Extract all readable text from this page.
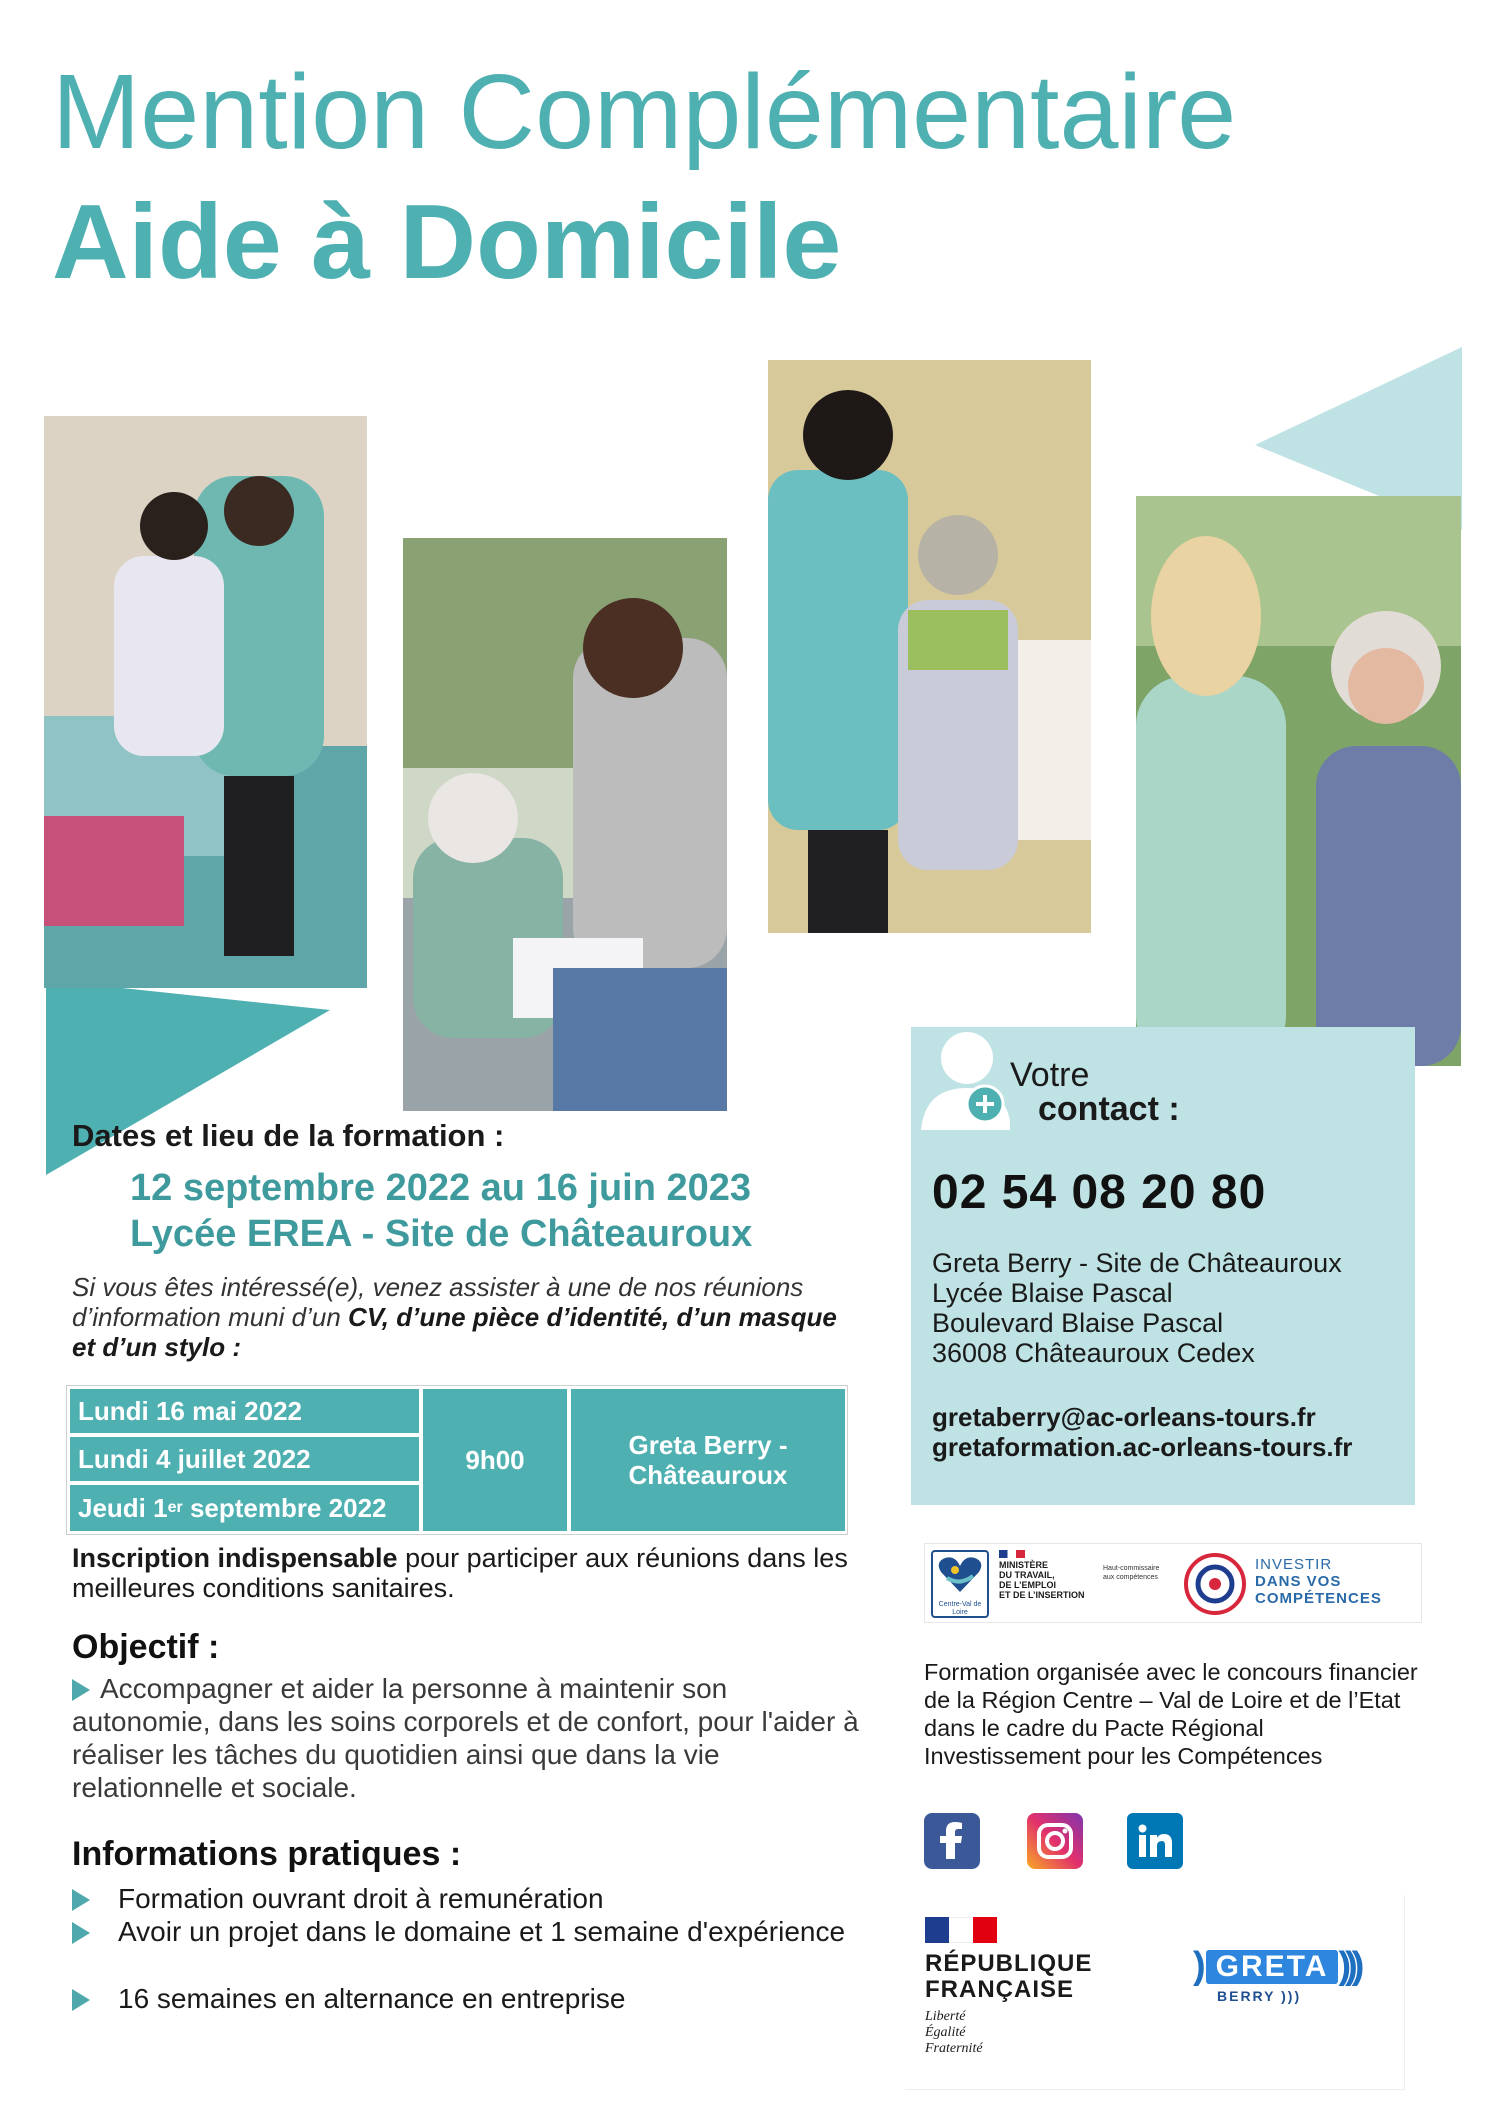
Mention Complémentaire
Aide à Domicile
Votre
contact :
02 54 08 20 80
Greta Berry - Site de Châteauroux
Lycée Blaise Pascal
Boulevard Blaise Pascal
36008 Châteauroux Cedex
gretaberry@ac-orleans-tours.fr
gretaformation.ac-orleans-tours.fr
Dates et lieu de la formation :
12 septembre 2022 au 16 juin 2023
Lycée EREA - Site de Châteauroux
Si vous êtes intéressé(e), venez assister à une de nos réunions d’information muni d’un CV, d’une pièce d’identité, d’un masque et d’un stylo :
Lundi 16 mai 2022
Lundi 4 juillet 2022
Jeudi 1 er septembre 2022
9h00	Greta Berry -
Châteauroux
Inscription indispensable pour participer aux réunions dans les meilleures conditions sanitaires.
Objectif :
Accompagner et aider la personne à maintenir son autonomie, dans les soins corporels et de confort, pour l'aider à réaliser les tâches du quotidien ainsi que dans la vie relationnelle et sociale.
Informations pratiques :
Formation ouvrant droit à remunération
Avoir un projet dans le domaine et 1 semaine d'expérience
16 semaines en alternance en entreprise
Centre-Val de Loire
MINISTÈRE
DU TRAVAIL,
DE L’EMPLOI
ET DE L’INSERTION
Haut-commissaire
aux compétences
INVESTIR
DANS VOS
COMPÉTENCES
Formation organisée avec le concours financier de la Région Centre – Val de Loire et de l’Etat dans le cadre du Pacte Régional Investissement pour les Compétences
RÉPUBLIQUE
FRANÇAISE
Liberté
Égalité
Fraternité
) GRETA )))
BERRY )))
